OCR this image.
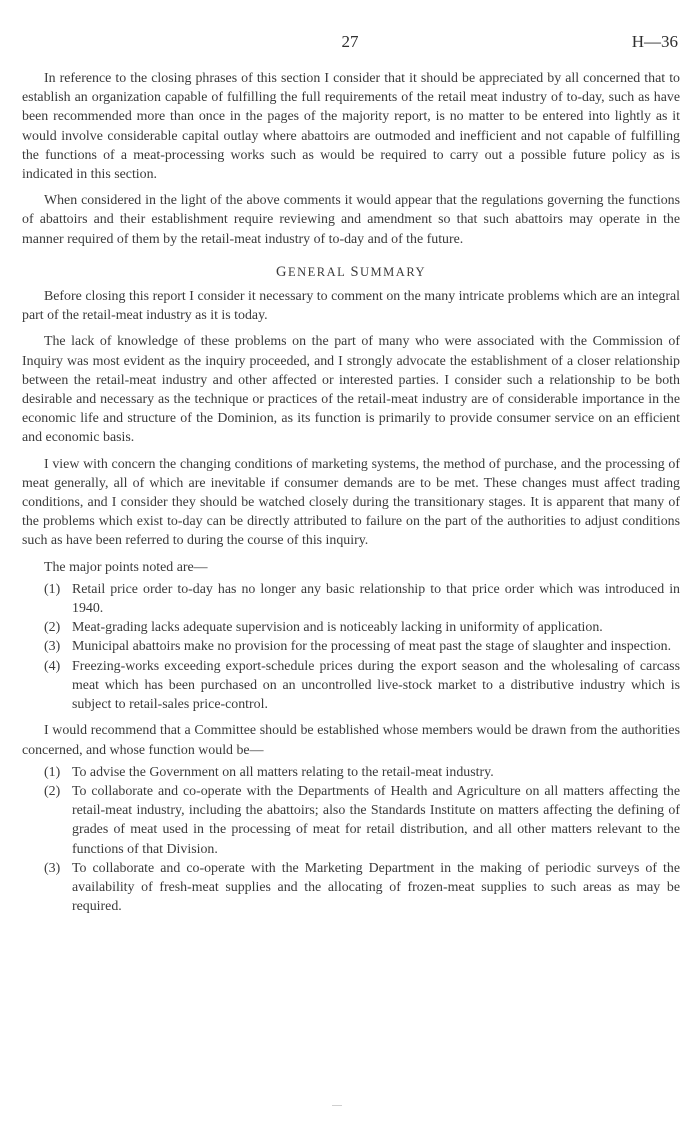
27	H—36

In reference to the closing phrases of this section I consider that it should be appreciated by all concerned that to establish an organization capable of fulfilling the full requirements of the retail meat industry of to-day, such as have been recommended more than once in the pages of the majority report, is no matter to be entered into lightly as it would involve considerable capital outlay where abattoirs are outmoded and inefficient and not capable of fulfilling the functions of a meat-processing works such as would be required to carry out a possible future policy as is indicated in this section.

When considered in the light of the above comments it would appear that the regulations governing the functions of abattoirs and their establishment require reviewing and amendment so that such abattoirs may operate in the manner required of them by the retail-meat industry of to-day and of the future.

GENERAL SUMMARY

Before closing this report I consider it necessary to comment on the many intricate problems which are an integral part of the retail-meat industry as it is today.

The lack of knowledge of these problems on the part of many who were associated with the Commission of Inquiry was most evident as the inquiry proceeded, and I strongly advocate the establishment of a closer relationship between the retail-meat industry and other affected or interested parties. I consider such a relationship to be both desirable and necessary as the technique or practices of the retail-meat industry are of considerable importance in the economic life and structure of the Dominion, as its function is primarily to provide consumer service on an efficient and economic basis.

I view with concern the changing conditions of marketing systems, the method of purchase, and the processing of meat generally, all of which are inevitable if consumer demands are to be met. These changes must affect trading conditions, and I consider they should be watched closely during the transitionary stages. It is apparent that many of the problems which exist to-day can be directly attributed to failure on the part of the authorities to adjust conditions such as have been referred to during the course of this inquiry.

The major points noted are—

(1) Retail price order to-day has no longer any basic relationship to that price order which was introduced in 1940.
(2) Meat-grading lacks adequate supervision and is noticeably lacking in uniformity of application.
(3) Municipal abattoirs make no provision for the processing of meat past the stage of slaughter and inspection.
(4) Freezing-works exceeding export-schedule prices during the export season and the wholesaling of carcass meat which has been purchased on an uncontrolled live-stock market to a distributive industry which is subject to retail-sales price-control.

I would recommend that a Committee should be established whose members would be drawn from the authorities concerned, and whose function would be—

(1) To advise the Government on all matters relating to the retail-meat industry.
(2) To collaborate and co-operate with the Departments of Health and Agriculture on all matters affecting the retail-meat industry, including the abattoirs; also the Standards Institute on matters affecting the defining of grades of meat used in the processing of meat for retail distribution, and all other matters relevant to the functions of that Division.
(3) To collaborate and co-operate with the Marketing Department in the making of periodic surveys of the availability of fresh-meat supplies and the allocating of frozen-meat supplies to such areas as may be required.
